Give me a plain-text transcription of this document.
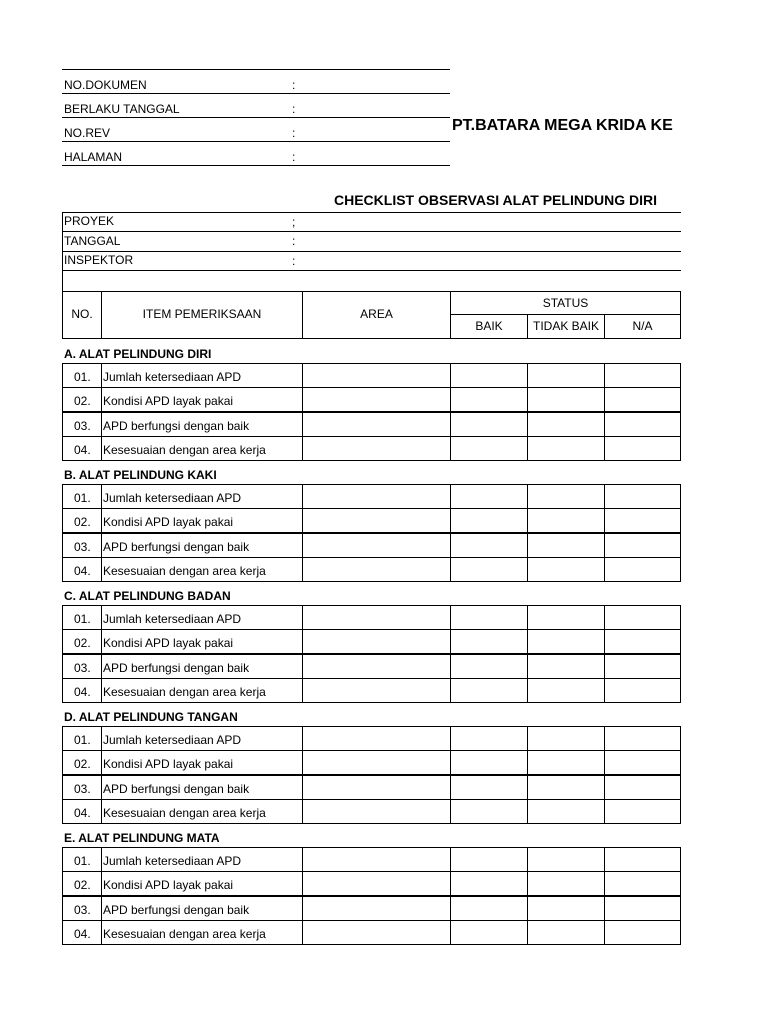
NO.DOKUMEN	:
BERLAKU TANGGAL	:
NO.REV	:
HALAMAN	:
PT.BATARA MEGA KRIDA KE
CHECKLIST OBSERVASI ALAT PELINDUNG DIRI
PROYEK	;
TANGGAL	:
INSPEKTOR	:
NO.	ITEM PEMERIKSAAN	AREA
STATUS
BAIK	TIDAK BAIK	N/A
A. ALAT PELINDUNG DIRI
01. Jumlah ketersediaan APD
02. Kondisi APD layak pakai
03. APD berfungsi dengan baik
04. Kesesuaian dengan area kerja
B. ALAT PELINDUNG KAKI
01. Jumlah ketersediaan APD
02. Kondisi APD layak pakai
03. APD berfungsi dengan baik
04. Kesesuaian dengan area kerja
C. ALAT PELINDUNG BADAN
01. Jumlah ketersediaan APD
02. Kondisi APD layak pakai
03. APD berfungsi dengan baik
04. Kesesuaian dengan area kerja
D. ALAT PELINDUNG TANGAN
01. Jumlah ketersediaan APD
02. Kondisi APD layak pakai
03. APD berfungsi dengan baik
04. Kesesuaian dengan area kerja
E. ALAT PELINDUNG MATA
01. Jumlah ketersediaan APD
02. Kondisi APD layak pakai
03. APD berfungsi dengan baik
04. Kesesuaian dengan area kerja
